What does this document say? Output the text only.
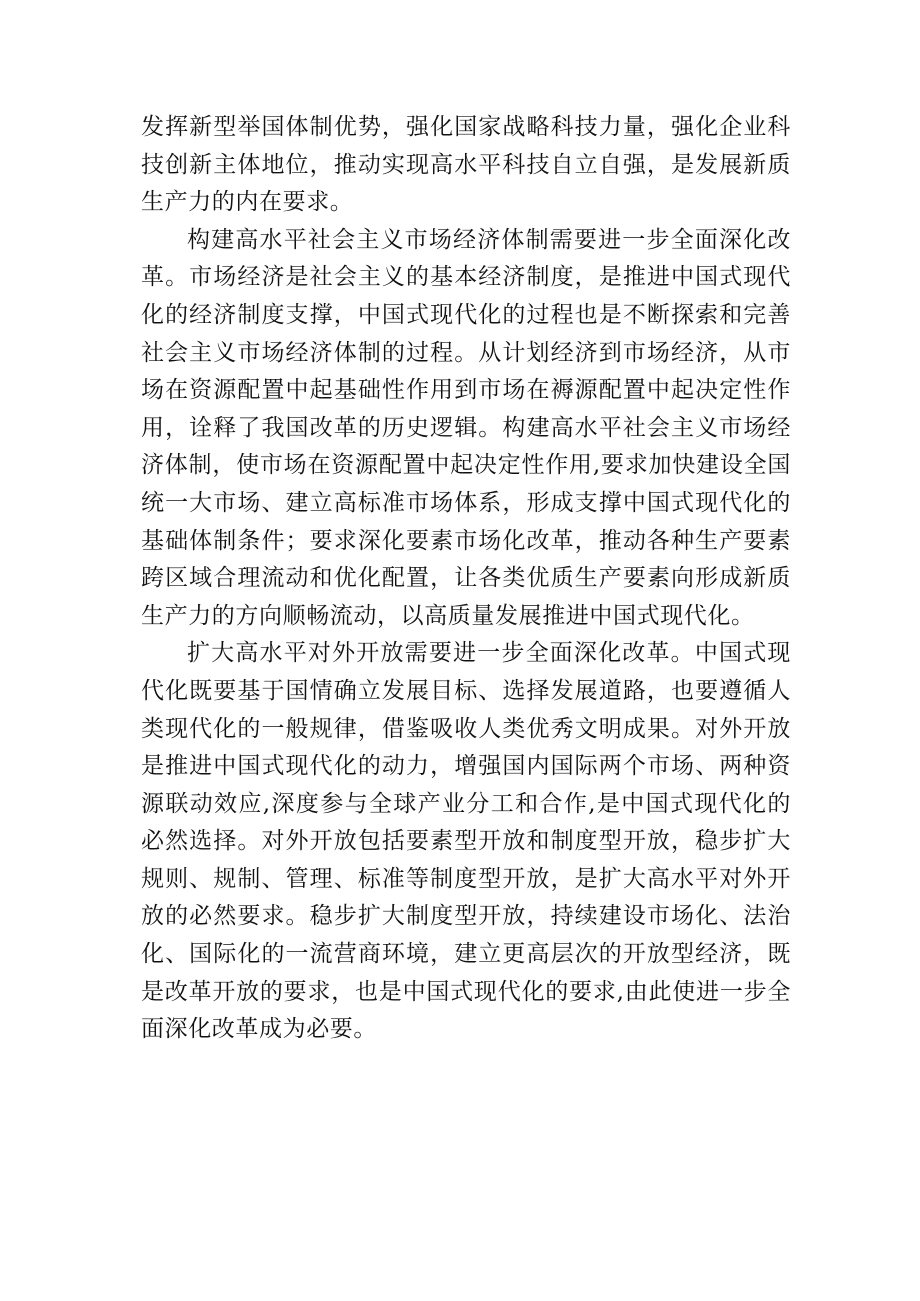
发挥新型举国体制优势，强化国家战略科技力量，强化企业科技创新主体地位，推动实现高水平科技自立自强，是发展新质生产力的内在要求。

构建高水平社会主义市场经济体制需要进一步全面深化改革。市场经济是社会主义的基本经济制度，是推进中国式现代化的经济制度支撑，中国式现代化的过程也是不断探索和完善社会主义市场经济体制的过程。从计划经济到市场经济，从市场在资源配置中起基础性作用到市场在褥源配置中起决定性作用，诠释了我国改革的历史逻辑。构建高水平社会主义市场经济体制，使市场在资源配置中起决定性作用,要求加快建设全国统一大市场、建立高标准市场体系，形成支撑中国式现代化的基础体制条件；要求深化要素市场化改革，推动各种生产要素跨区域合理流动和优化配置，让各类优质生产要素向形成新质生产力的方向顺畅流动，以高质量发展推进中国式现代化。

扩大高水平对外开放需要进一步全面深化改革。中国式现代化既要基于国情确立发展目标、选择发展道路，也要遵循人类现代化的一般规律，借鉴吸收人类优秀文明成果。对外开放是推进中国式现代化的动力，增强国内国际两个市场、两种资源联动效应,深度参与全球产业分工和合作,是中国式现代化的必然选择。对外开放包括要素型开放和制度型开放，稳步扩大规则、规制、管理、标准等制度型开放，是扩大高水平对外开放的必然要求。稳步扩大制度型开放，持续建设市场化、法治化、国际化的一流营商环境，建立更高层次的开放型经济，既是改革开放的要求，也是中国式现代化的要求,由此使进一步全面深化改革成为必要。
